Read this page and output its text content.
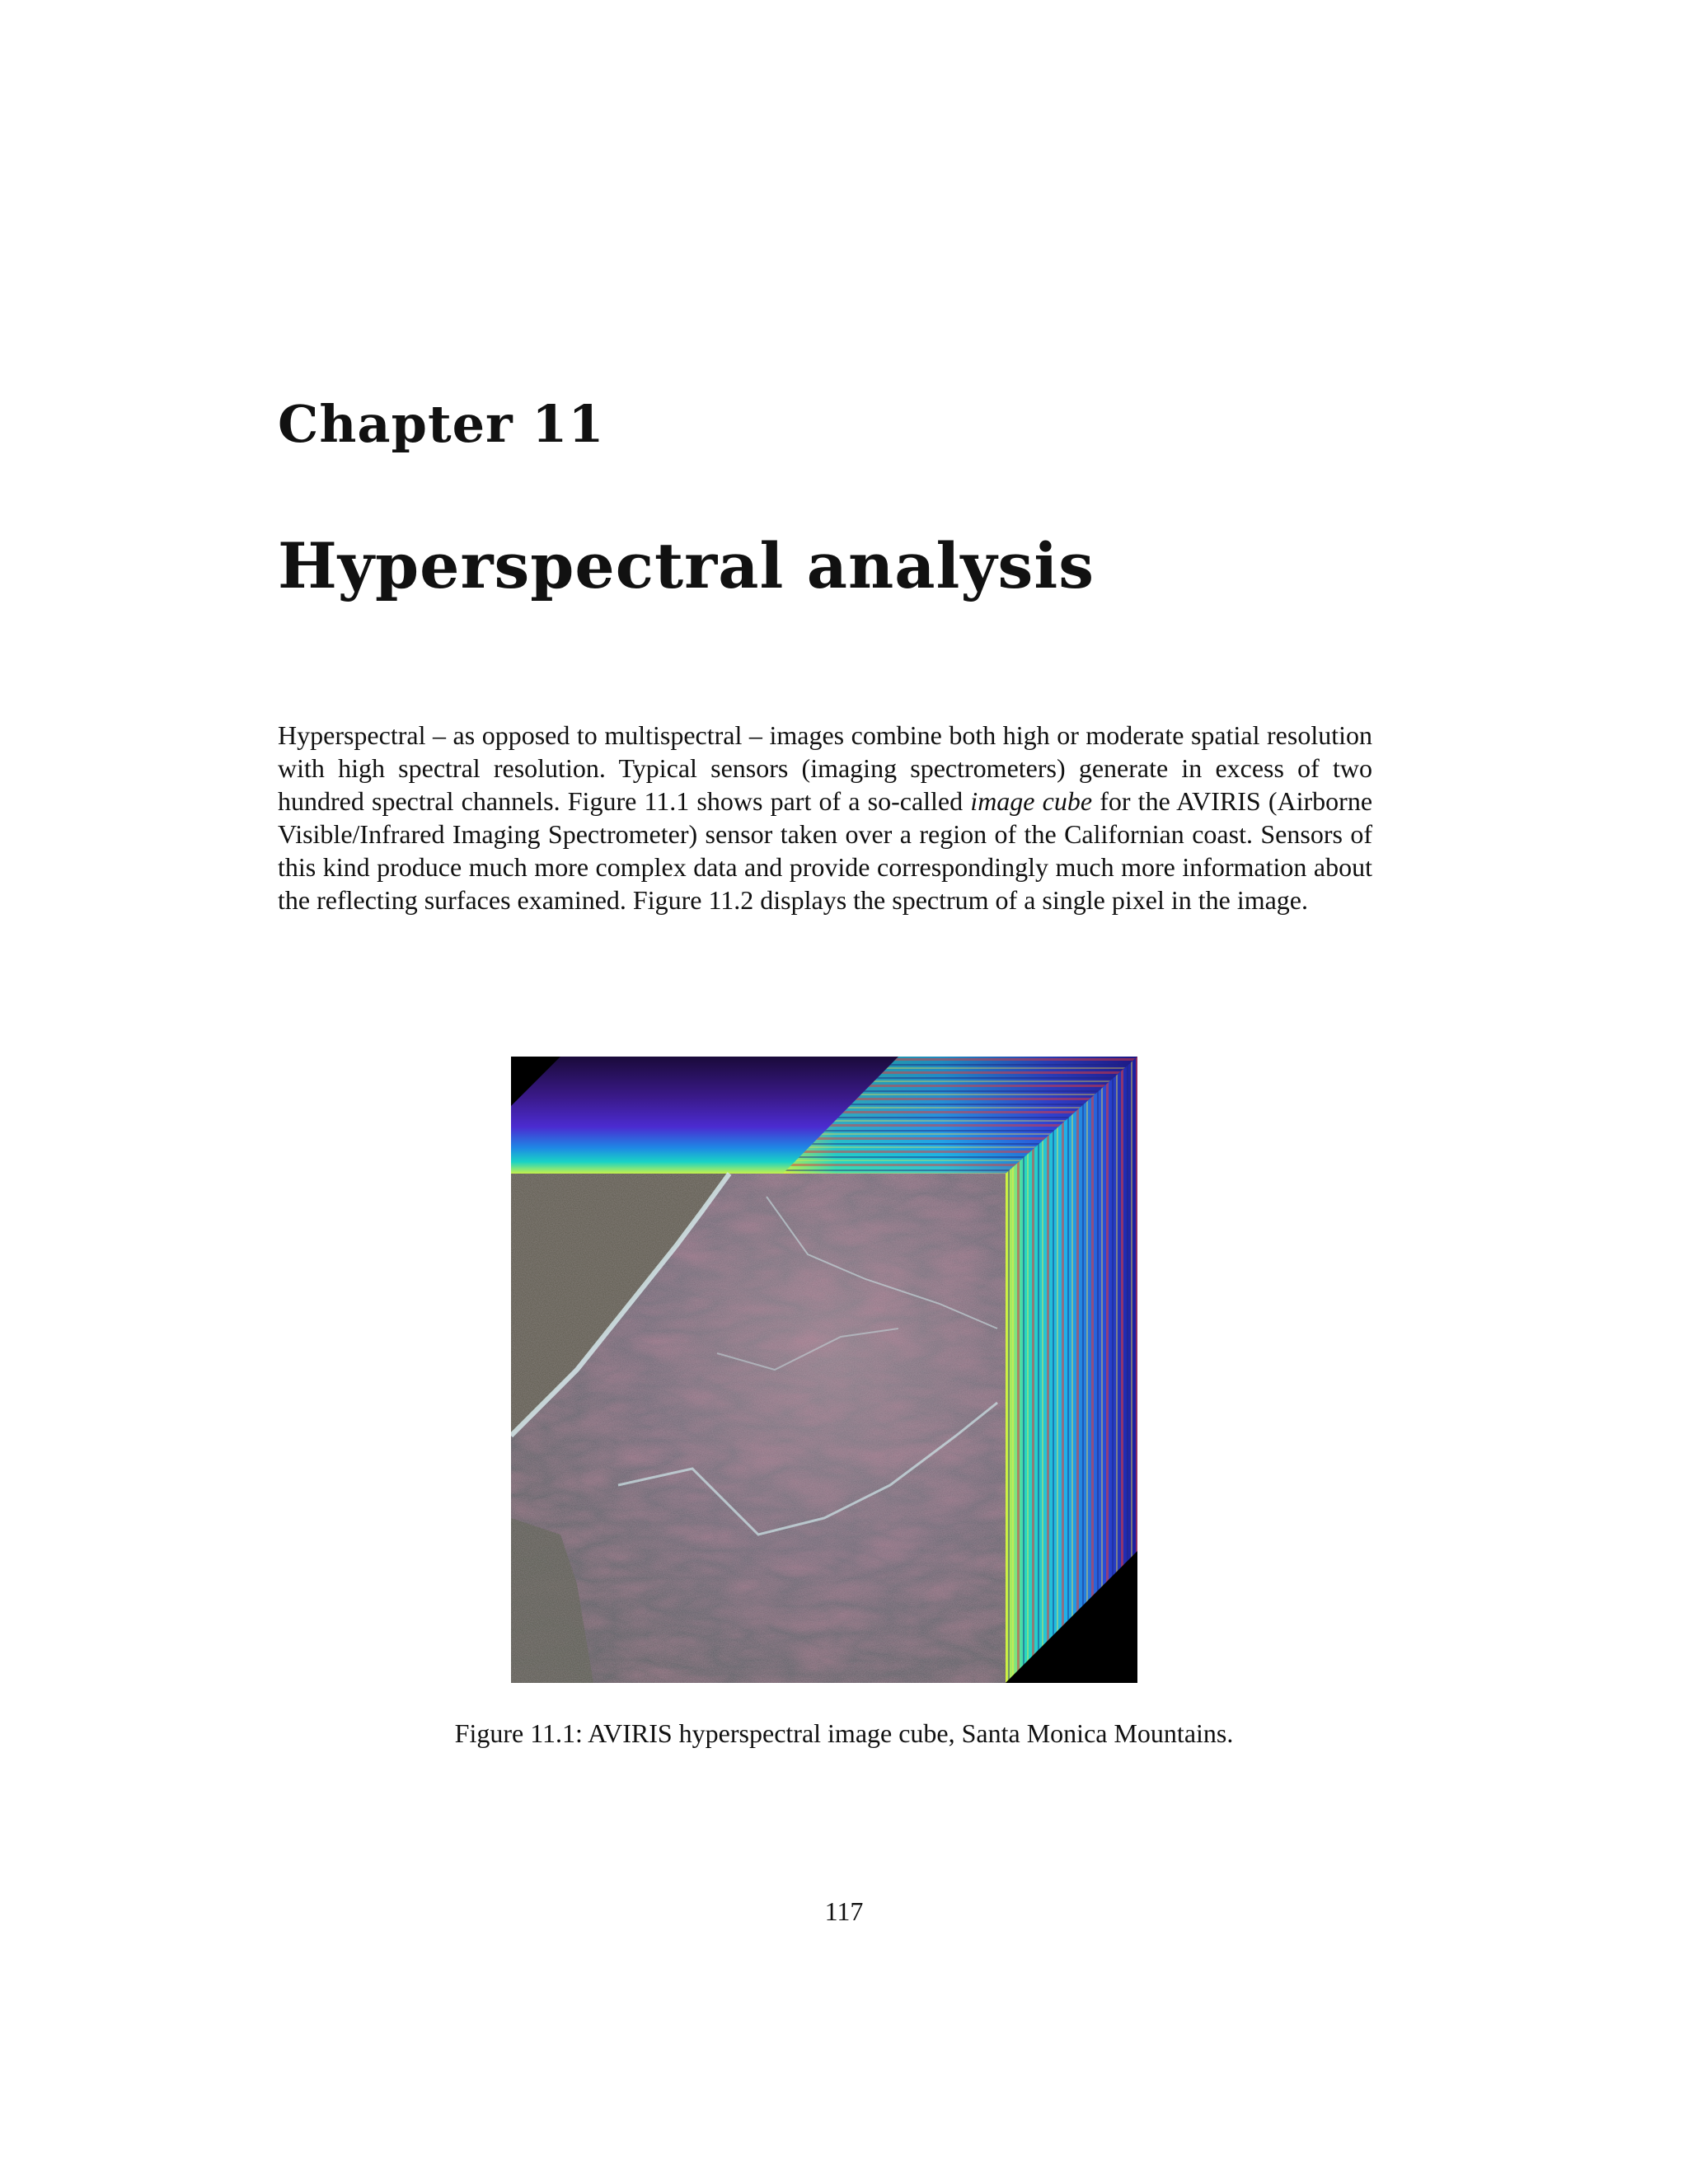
Chapter 11
Hyperspectral analysis

Hyperspectral – as opposed to multispectral – images combine both high or moderate spatial resolution with high spectral resolution. Typical sensors (imaging spectrometers) generate in excess of two hundred spectral channels. Figure 11.1 shows part of a so-called image cube for the AVIRIS (Airborne Visible/Infrared Imaging Spectrometer) sensor taken over a region of the Californian coast. Sensors of this kind produce much more complex data and provide correspondingly much more information about the reflecting surfaces examined. Figure 11.2 displays the spectrum of a single pixel in the image.

Figure 11.1: AVIRIS hyperspectral image cube, Santa Monica Mountains.

117
